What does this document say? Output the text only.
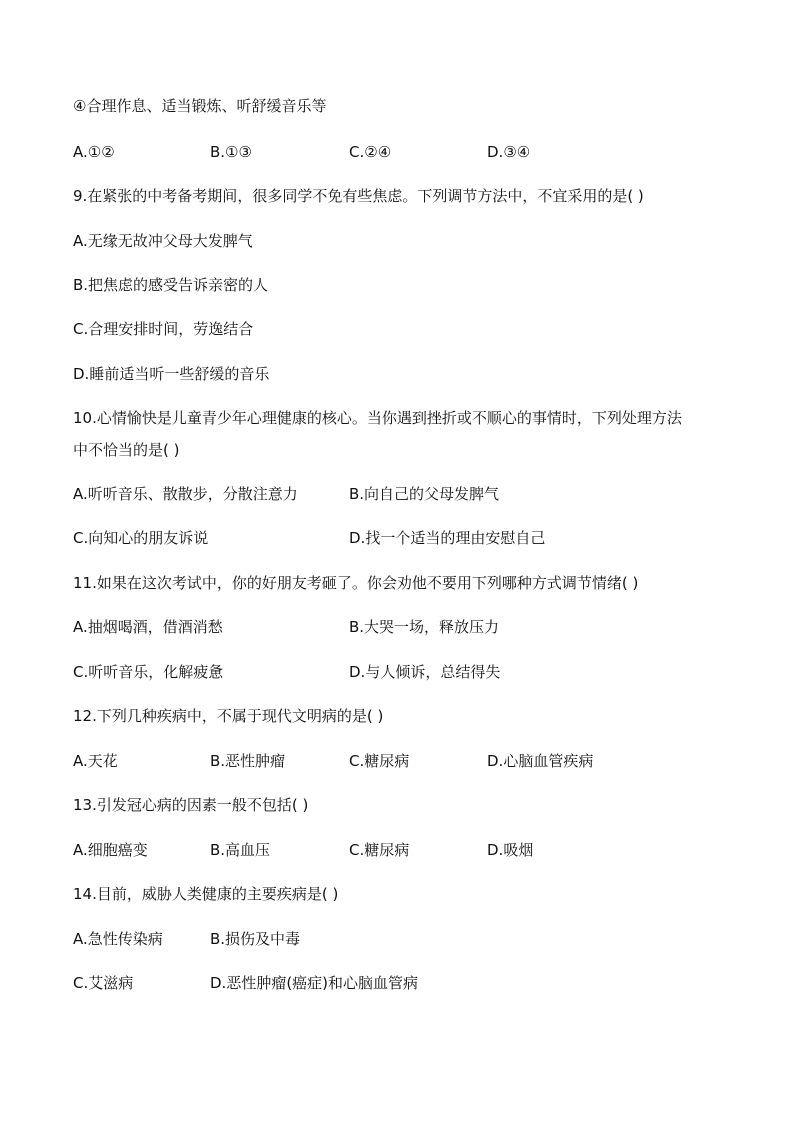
④合理作息、适当锻炼、听舒缓音乐等
A.①②	B.①③	C.②④	D.③④
9.在紧张的中考备考期间，很多同学不免有些焦虑。下列调节方法中，不宜采用的是( )
A.无缘无故冲父母大发脾气
B.把焦虑的感受告诉亲密的人
C.合理安排时间，劳逸结合
D.睡前适当听一些舒缓的音乐
10.心情愉快是儿童青少年心理健康的核心。当你遇到挫折或不顺心的事情时，下列处理方法
中不恰当的是( )
A.听听音乐、散散步，分散注意力	B.向自己的父母发脾气
C.向知心的朋友诉说	D.找一个适当的理由安慰自己
11.如果在这次考试中，你的好朋友考砸了。你会劝他不要用下列哪种方式调节情绪( )
A.抽烟喝酒，借酒消愁	B.大哭一场，释放压力
C.听听音乐，化解疲惫	D.与人倾诉，总结得失
12.下列几种疾病中，不属于现代文明病的是( )
A.天花	B.恶性肿瘤	C.糖尿病	D.心脑血管疾病
13.引发冠心病的因素一般不包括( )
A.细胞癌变	B.高血压	C.糖尿病	D.吸烟
14.目前，威胁人类健康的主要疾病是( )
A.急性传染病	B.损伤及中毒
C.艾滋病	D.恶性肿瘤(癌症)和心脑血管病
